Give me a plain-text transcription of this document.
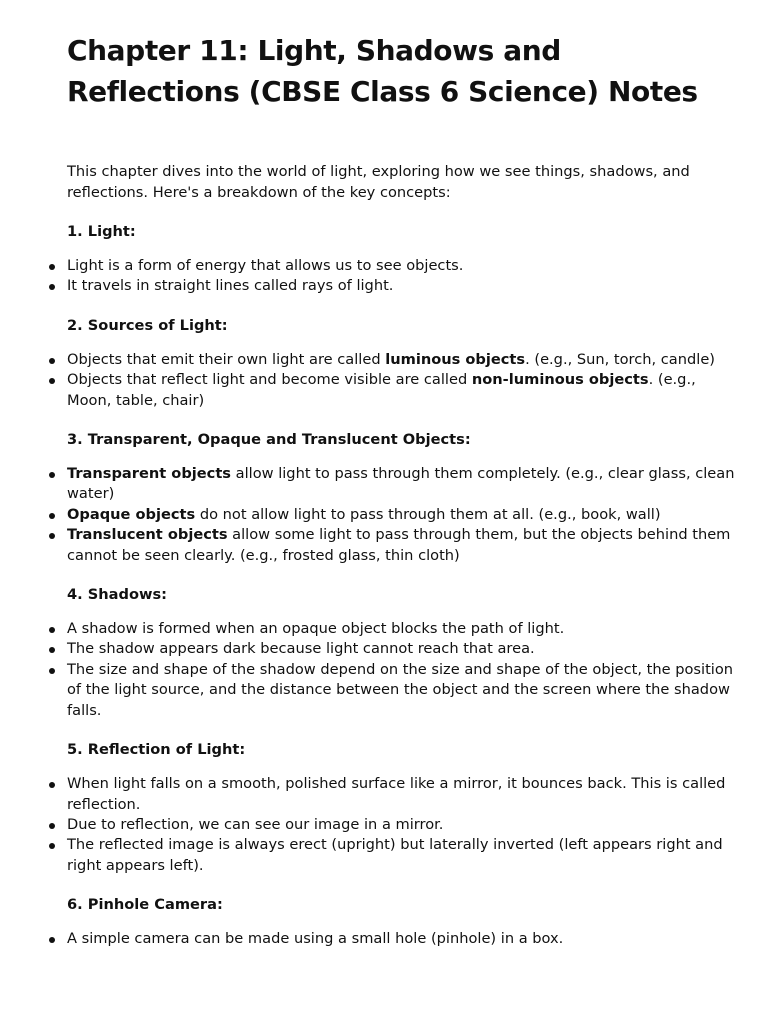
Chapter 11: Light, Shadows and Reflections (CBSE Class 6 Science) Notes

This chapter dives into the world of light, exploring how we see things, shadows, and reflections. Here's a breakdown of the key concepts:

1. Light:

Light is a form of energy that allows us to see objects.
It travels in straight lines called rays of light.

2. Sources of Light:

Objects that emit their own light are called luminous objects. (e.g., Sun, torch, candle)
Objects that reflect light and become visible are called non-luminous objects. (e.g., Moon, table, chair)

3. Transparent, Opaque and Translucent Objects:

Transparent objects allow light to pass through them completely. (e.g., clear glass, clean water)
Opaque objects do not allow light to pass through them at all. (e.g., book, wall)
Translucent objects allow some light to pass through them, but the objects behind them cannot be seen clearly. (e.g., frosted glass, thin cloth)

4. Shadows:

A shadow is formed when an opaque object blocks the path of light.
The shadow appears dark because light cannot reach that area.
The size and shape of the shadow depend on the size and shape of the object, the position of the light source, and the distance between the object and the screen where the shadow falls.

5. Reflection of Light:

When light falls on a smooth, polished surface like a mirror, it bounces back. This is called reflection.
Due to reflection, we can see our image in a mirror.
The reflected image is always erect (upright) but laterally inverted (left appears right and right appears left).

6. Pinhole Camera:

A simple camera can be made using a small hole (pinhole) in a box.
